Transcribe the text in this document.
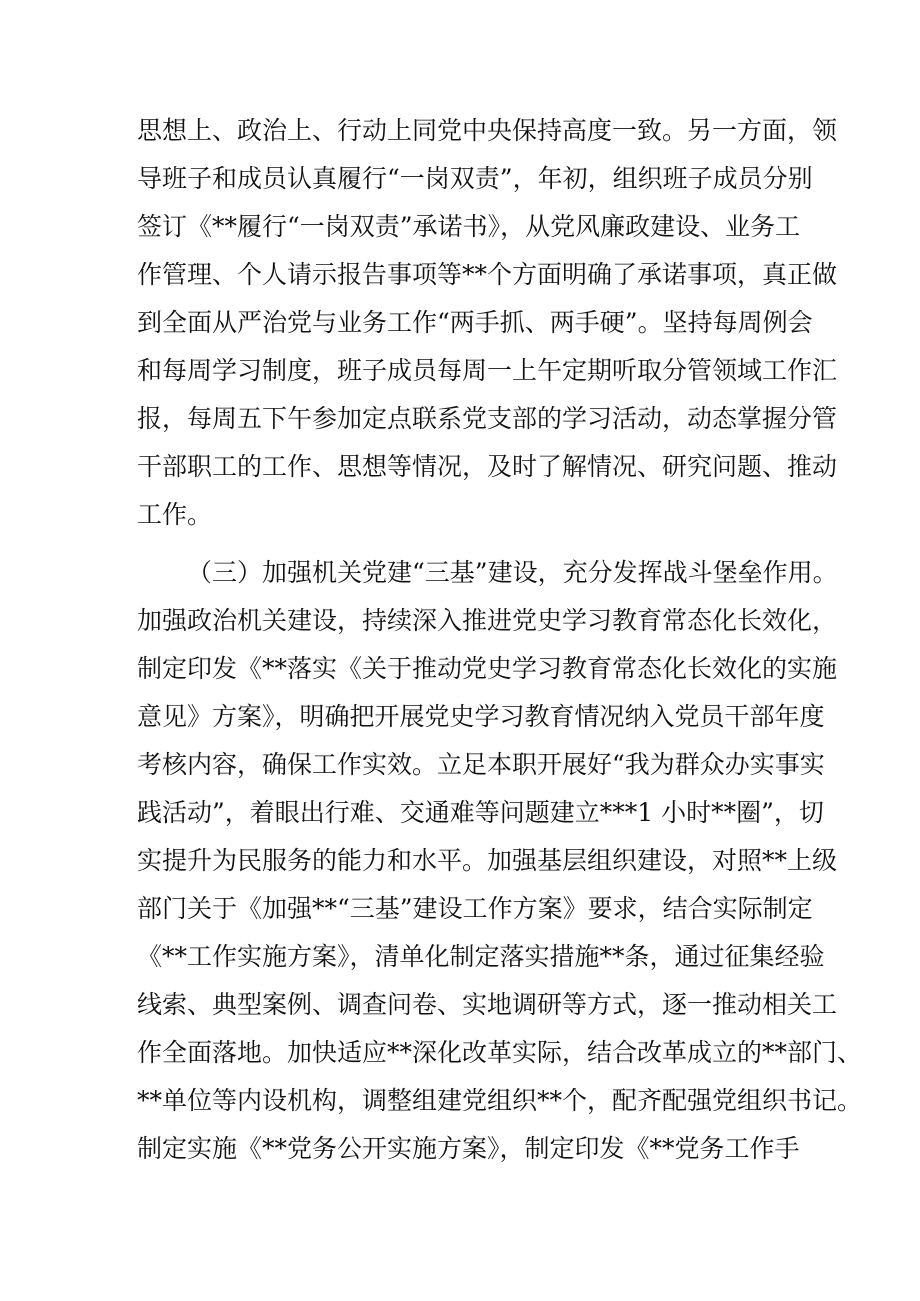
思想上、政治上、行动上同党中央保持高度一致。另一方面，领
导班子和成员认真履行“一岗双责”，年初，组织班子成员分别
签订《**履行“一岗双责”承诺书》，从党风廉政建设、业务工
作管理、个人请示报告事项等**个方面明确了承诺事项，真正做
到全面从严治党与业务工作“两手抓、两手硬”。坚持每周例会
和每周学习制度，班子成员每周一上午定期听取分管领域工作汇
报，每周五下午参加定点联系党支部的学习活动，动态掌握分管
干部职工的工作、思想等情况，及时了解情况、研究问题、推动
工作。
（三）加强机关党建“三基”建设，充分发挥战斗堡垒作用。
加强政治机关建设，持续深入推进党史学习教育常态化长效化，
制定印发《**落实《关于推动党史学习教育常态化长效化的实施
意见》方案》，明确把开展党史学习教育情况纳入党员干部年度
考核内容，确保工作实效。立足本职开展好“我为群众办实事实
践活动”，着眼出行难、交通难等问题建立***1 小时**圈”，切
实提升为民服务的能力和水平。加强基层组织建设，对照**上级
部门关于《加强**“三基”建设工作方案》要求，结合实际制定
《**工作实施方案》，清单化制定落实措施**条，通过征集经验
线索、典型案例、调查问卷、实地调研等方式，逐一推动相关工
作全面落地。加快适应**深化改革实际，结合改革成立的**部门、
**单位等内设机构，调整组建党组织**个，配齐配强党组织书记。
制定实施《**党务公开实施方案》，制定印发《**党务工作手
